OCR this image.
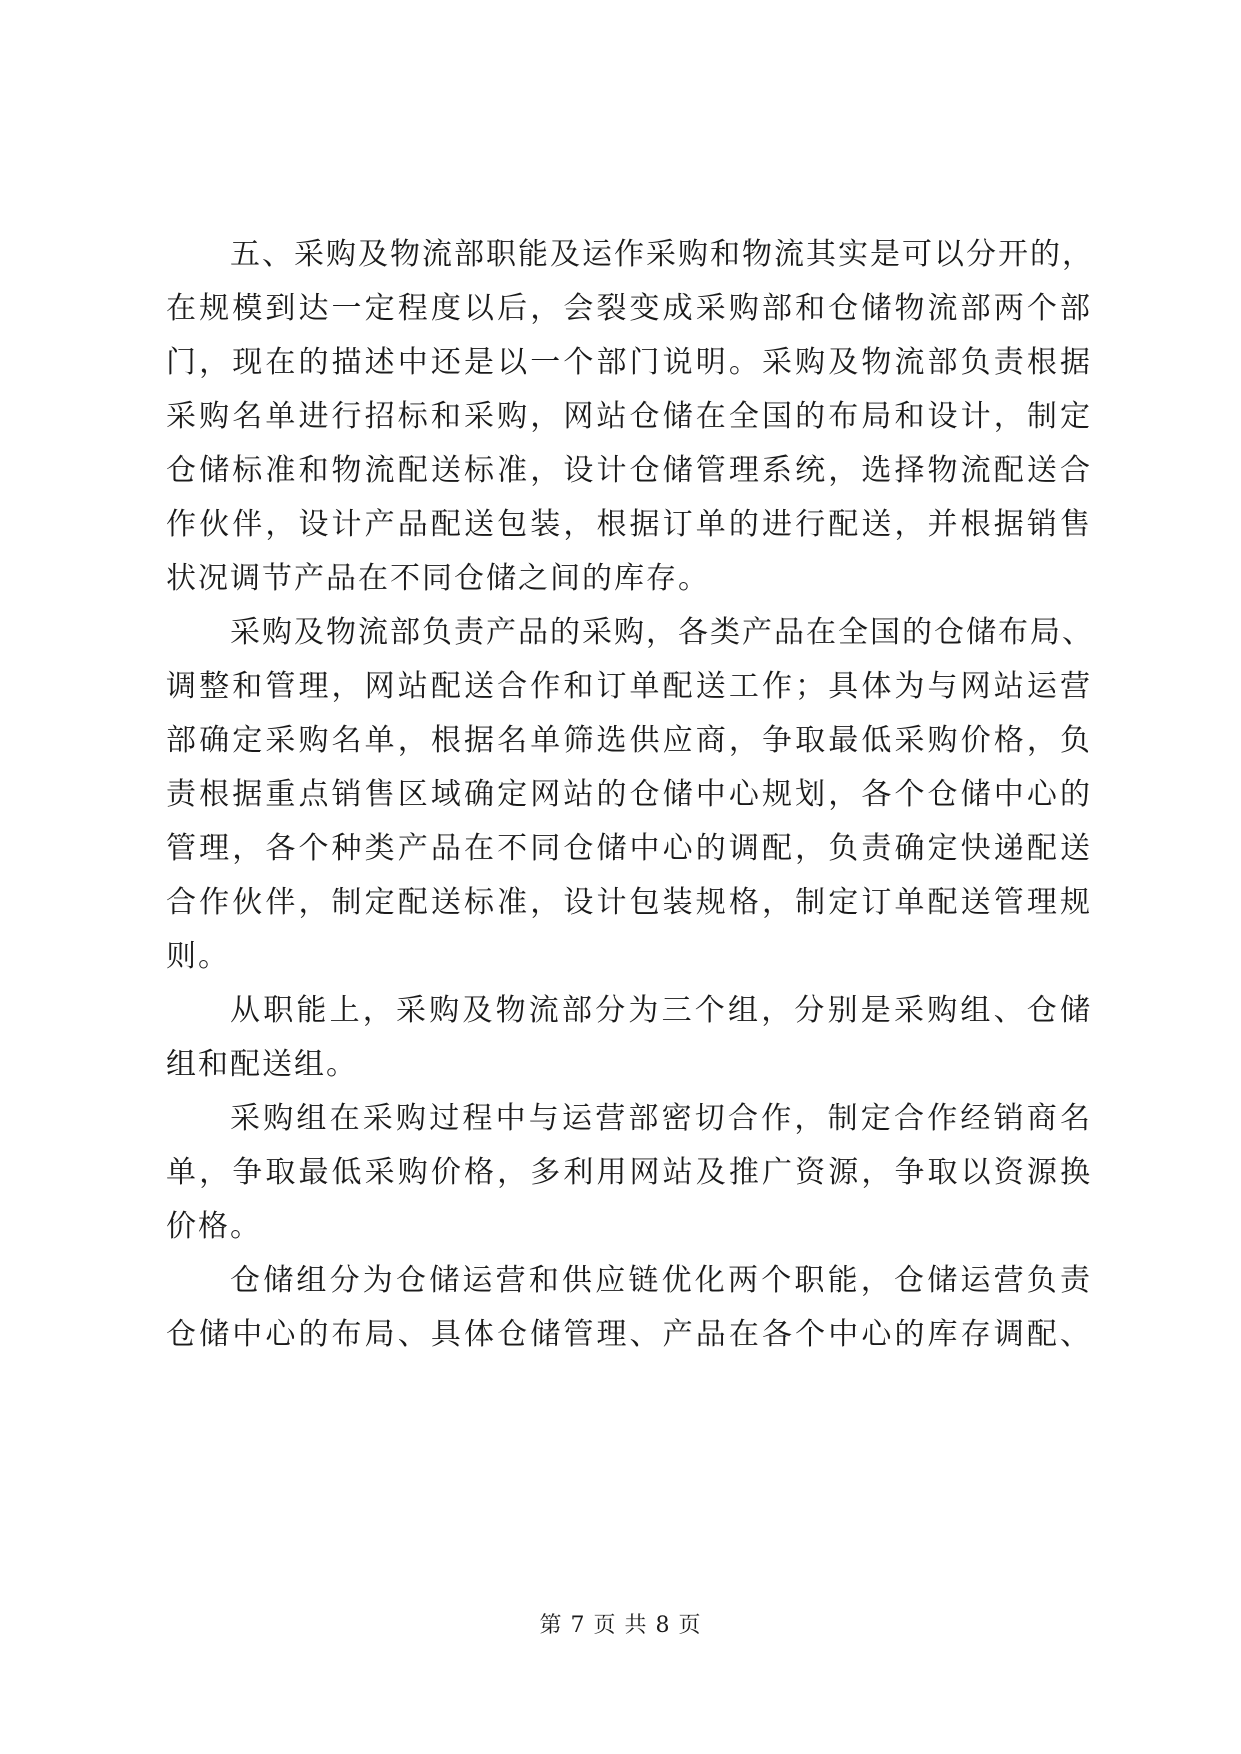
五、采购及物流部职能及运作采购和物流其实是可以分开的，
在规模到达一定程度以后，会裂变成采购部和仓储物流部两个部
门，现在的描述中还是以一个部门说明。采购及物流部负责根据
采购名单进行招标和采购，网站仓储在全国的布局和设计，制定
仓储标准和物流配送标准，设计仓储管理系统，选择物流配送合
作伙伴，设计产品配送包装，根据订单的进行配送，并根据销售
状况调节产品在不同仓储之间的库存。
采购及物流部负责产品的采购，各类产品在全国的仓储布局、
调整和管理，网站配送合作和订单配送工作；具体为与网站运营
部确定采购名单，根据名单筛选供应商，争取最低采购价格，负
责根据重点销售区域确定网站的仓储中心规划，各个仓储中心的
管理，各个种类产品在不同仓储中心的调配，负责确定快递配送
合作伙伴，制定配送标准，设计包装规格，制定订单配送管理规
则。
从职能上，采购及物流部分为三个组，分别是采购组、仓储
组和配送组。
采购组在采购过程中与运营部密切合作，制定合作经销商名
单，争取最低采购价格，多利用网站及推广资源，争取以资源换
价格。
仓储组分为仓储运营和供应链优化两个职能，仓储运营负责
仓储中心的布局、具体仓储管理、产品在各个中心的库存调配、
第 7 页 共 8 页
